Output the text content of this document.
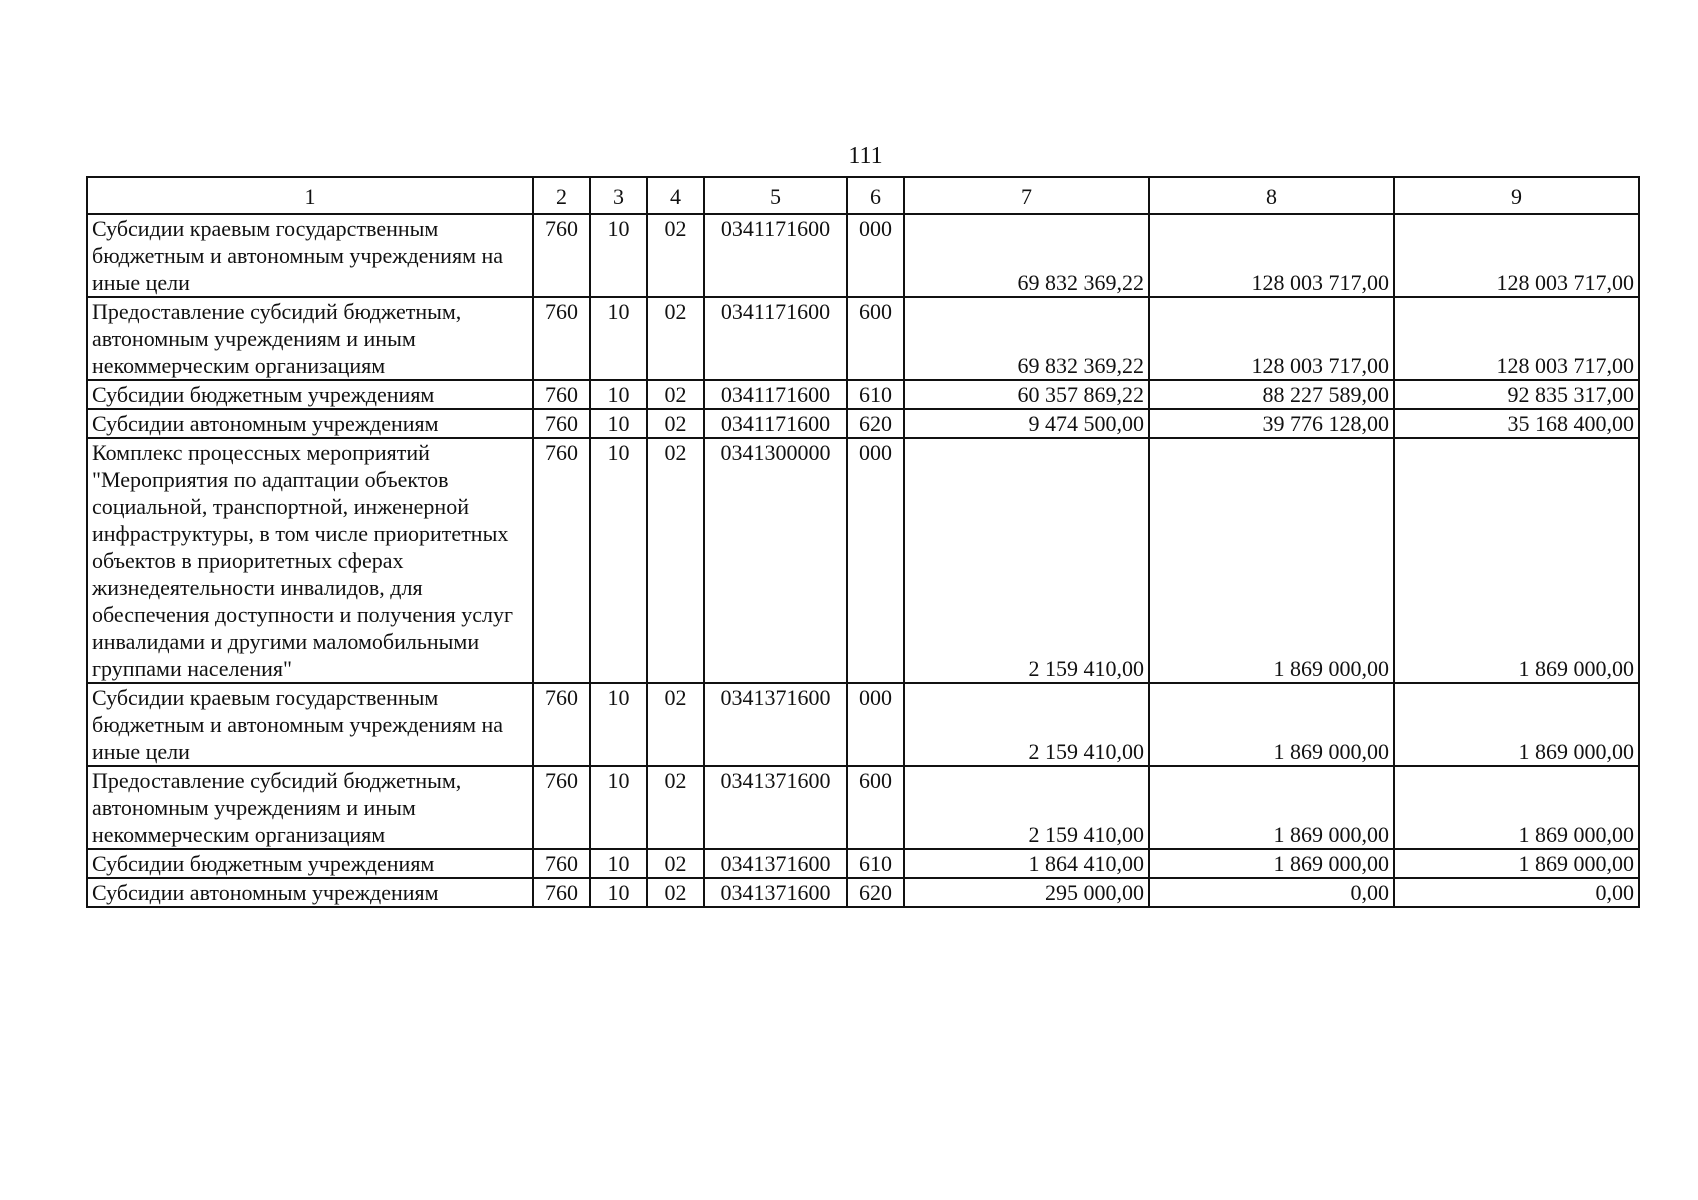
111
1	2	3	4	5	6	7	8	9
Субсидии краевым государственным бюджетным и автономным учреждениям на иные цели	760	10	02	0341171600	000	69 832 369,22	128 003 717,00	128 003 717,00
Предоставление субсидий бюджетным, автономным учреждениям и иным некоммерческим организациям	760	10	02	0341171600	600	69 832 369,22	128 003 717,00	128 003 717,00
Субсидии бюджетным учреждениям	760	10	02	0341171600	610	60 357 869,22	88 227 589,00	92 835 317,00
Субсидии автономным учреждениям	760	10	02	0341171600	620	9 474 500,00	39 776 128,00	35 168 400,00
Комплекс процессных мероприятий "Мероприятия по адаптации объектов социальной, транспортной, инженерной инфраструктуры, в том числе приоритетных объектов в приоритетных сферах жизнедеятельности инвалидов, для обеспечения доступности и получения услуг инвалидами и другими маломобильными группами населения"	760	10	02	0341300000	000	2 159 410,00	1 869 000,00	1 869 000,00
Субсидии краевым государственным бюджетным и автономным учреждениям на иные цели	760	10	02	0341371600	000	2 159 410,00	1 869 000,00	1 869 000,00
Предоставление субсидий бюджетным, автономным учреждениям и иным некоммерческим организациям	760	10	02	0341371600	600	2 159 410,00	1 869 000,00	1 869 000,00
Субсидии бюджетным учреждениям	760	10	02	0341371600	610	1 864 410,00	1 869 000,00	1 869 000,00
Субсидии автономным учреждениям	760	10	02	0341371600	620	295 000,00	0,00	0,00
